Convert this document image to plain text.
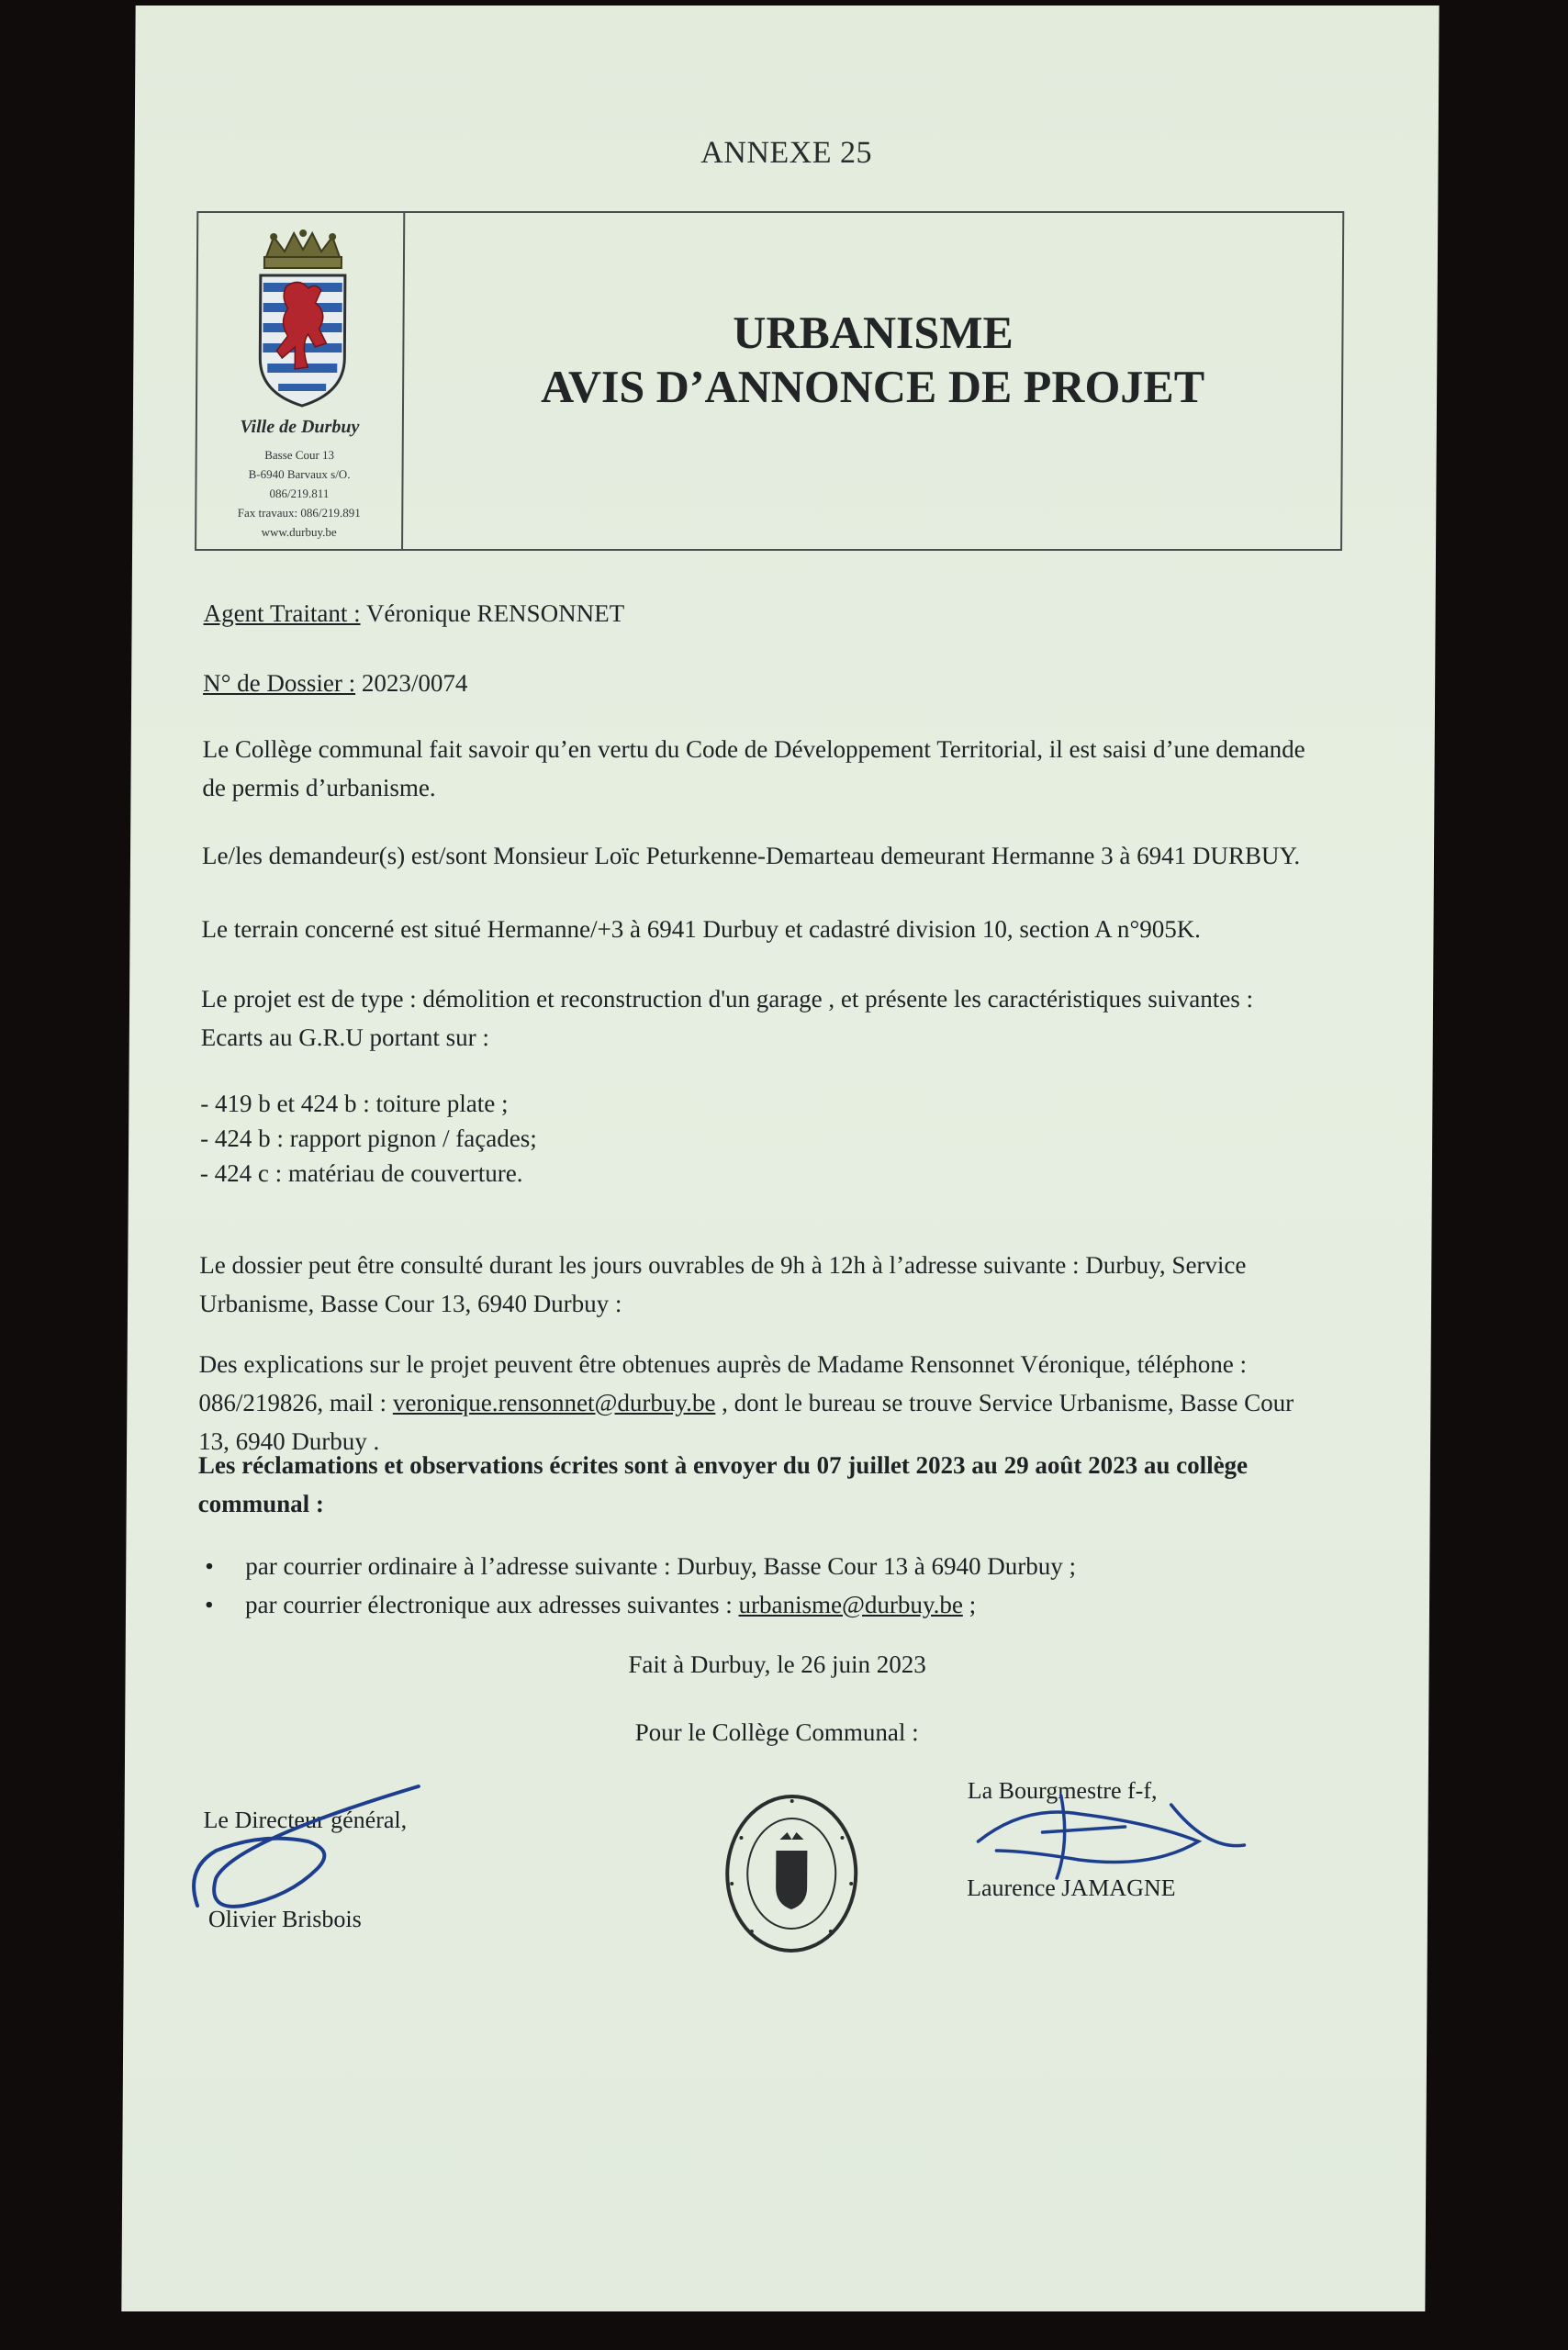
ANNEXE 25
Ville de Durbuy
Basse Cour 13
B-6940 Barvaux s/O.
086/219.811
Fax travaux: 086/219.891
www.durbuy.be
URBANISME
AVIS D’ANNONCE DE PROJET
Agent Traitant : Véronique RENSONNET
N° de Dossier : 2023/0074
Le Collège communal fait savoir qu’en vertu du Code de Développement Territorial, il est saisi d’une demande de permis d’urbanisme.
Le/les demandeur(s) est/sont Monsieur Loïc Peturkenne-Demarteau demeurant Hermanne 3 à 6941 DURBUY.
Le terrain concerné est situé Hermanne/+3 à 6941 Durbuy et cadastré division 10, section A n°905K.
Le projet est de type : démolition et reconstruction d'un garage , et présente les caractéristiques suivantes :
Ecarts au G.R.U portant sur :
- 419 b et 424 b : toiture plate ;
- 424 b : rapport pignon / façades;
- 424 c : matériau de couverture.
Le dossier peut être consulté durant les jours ouvrables de 9h à 12h à l’adresse suivante : Durbuy, Service Urbanisme, Basse Cour 13, 6940 Durbuy :
Des explications sur le projet peuvent être obtenues auprès de Madame Rensonnet Véronique, téléphone : 086/219826, mail : veronique.rensonnet@durbuy.be , dont le bureau se trouve Service Urbanisme, Basse Cour 13, 6940 Durbuy .
Les réclamations et observations écrites sont à envoyer du 07 juillet 2023 au 29 août 2023 au collège communal :
• par courrier ordinaire à l’adresse suivante : Durbuy, Basse Cour 13 à 6940 Durbuy ;
• par courrier électronique aux adresses suivantes : urbanisme@durbuy.be ;
Fait à Durbuy, le 26 juin 2023
Pour le Collège Communal :
Le Directeur général,
Olivier Brisbois
La Bourgmestre f-f,
Laurence JAMAGNE
